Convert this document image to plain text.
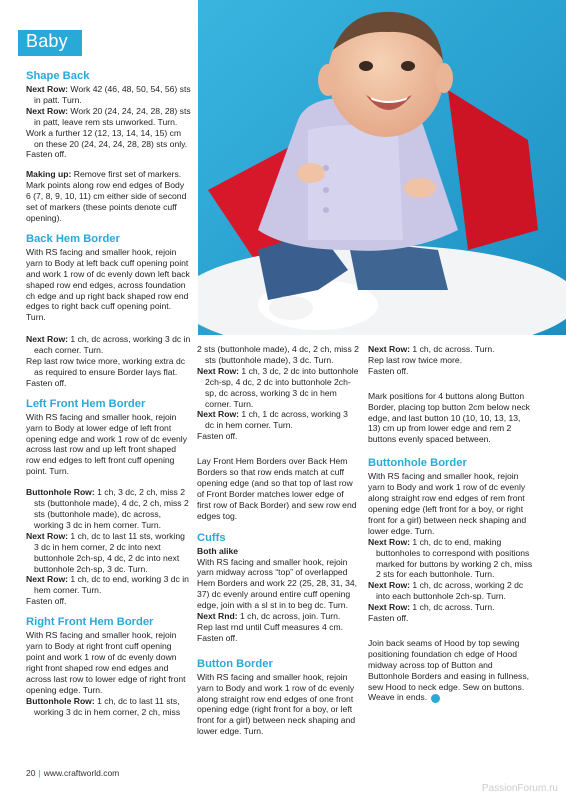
Baby
Shape Back
Next Row: Work 42 (46, 48, 50, 54, 56) sts in patt. Turn.
Next Row: Work 20 (24, 24, 24, 28, 28) sts in patt, leave rem sts unworked. Turn.
Work a further 12 (12, 13, 14, 14, 15) cm on these 20 (24, 24, 24, 28, 28) sts only.
Fasten off.
Making up: Remove first set of markers. Mark points along row end edges of Body 6 (7, 8, 9, 10, 11) cm either side of second set of markers (these points denote cuff opening).
Back Hem Border

With RS facing and smaller hook, rejoin yarn to Body at left back cuff opening point and work 1 row of dc evenly down left back shaped row end edges, across foundation ch edge and up right back shaped row end edges to right back cuff opening point. Turn.

Next Row: 1 ch, dc across, working 3 dc in each corner. Turn.
Rep last row twice more, working extra dc as required to ensure Border lays flat.
Fasten off.
Left Front Hem Border

With RS facing and smaller hook, rejoin yarn to Body at lower edge of left front opening edge and work 1 row of dc evenly across last row and up left front shaped row end edges to left front cuff opening point. Turn.

Buttonhole Row: 1 ch, 3 dc, 2 ch, miss 2 sts (buttonhole made), 4 dc, 2 ch, miss 2 sts (buttonhole made), dc across, working 3 dc in hem corner. Turn.
Next Row: 1 ch, dc to last 11 sts, working 3 dc in hem corner, 2 dc into next buttonhole 2ch-sp, 4 dc, 2 dc into next buttonhole 2ch-sp, 3 dc. Turn.
Next Row: 1 ch, dc to end, working 3 dc in hem corner. Turn.
Fasten off.
Right Front Hem Border

With RS facing and smaller hook, rejoin yarn to Body at right front cuff opening point and work 1 row of dc evenly down right front shaped row end edges and across last row to lower edge of right front opening edge. Turn.

Buttonhole Row: 1 ch, dc to last 11 sts, working 3 dc in hem corner, 2 ch, miss
2 sts (buttonhole made), 4 dc, 2 ch, miss 2 sts (buttonhole made), 3 dc. Turn.
Next Row: 1 ch, 3 dc, 2 dc into buttonhole 2ch-sp, 4 dc, 2 dc into buttonhole 2ch-sp, dc across, working 3 dc in hem corner. Turn.
Next Row: 1 ch, 1 dc across, working 3 dc in hem corner. Turn.
Fasten off.

Lay Front Hem Borders over Back Hem Borders so that row ends match at cuff opening edge (and so that top of last row of Front Border matches lower edge of first row of Back Border) and sew row end edges tog.

Cuffs
Both alike

With RS facing and smaller hook, rejoin yarn midway across “top” of overlapped Hem Borders and work 22 (25, 28, 31, 34, 37) dc evenly around entire cuff opening edge, join with a sl st in to beg dc. Turn.

Next Rnd: 1 ch, dc across, join. Turn.
Rep last rnd until Cuff measures 4 cm.
Fasten off.
Button Border

With RS facing and smaller hook, rejoin yarn to Body and work 1 row of dc evenly along straight row end edges of one front opening edge (right front for a boy, or left front for a girl) between neck shaping and lower edge. Turn.

Next Row: 1 ch, dc across. Turn.
Rep last row twice more.
Fasten off.

Mark positions for 4 buttons along Button Border, placing top button 2cm below neck edge, and last button 10 (10, 10, 13, 13, 13) cm up from lower edge and rem 2 buttons evenly spaced between.

Buttonhole Border

With RS facing and smaller hook, rejoin yarn to Body and work 1 row of dc evenly along straight row end edges of rem front opening edge (left front for a boy, or right front for a girl) between neck shaping and lower edge. Turn.

Next Row: 1 ch, dc to end, making buttonholes to correspond with positions marked for buttons by working 2 ch, miss 2 sts for each buttonhole. Turn.
Next Row: 1 ch, dc across, working 2 dc into each buttonhole 2ch-sp. Turn.
Next Row: 1 ch, dc across. Turn.
Fasten off.

Join back seams of Hood by top sewing positioning foundation ch edge of Hood midway across top of Button and Buttonhole Borders and easing in fullness, sew Hood to neck edge. Sew on buttons.

Weave in ends.
20 | www.craftworld.com
PassionForum.ru
